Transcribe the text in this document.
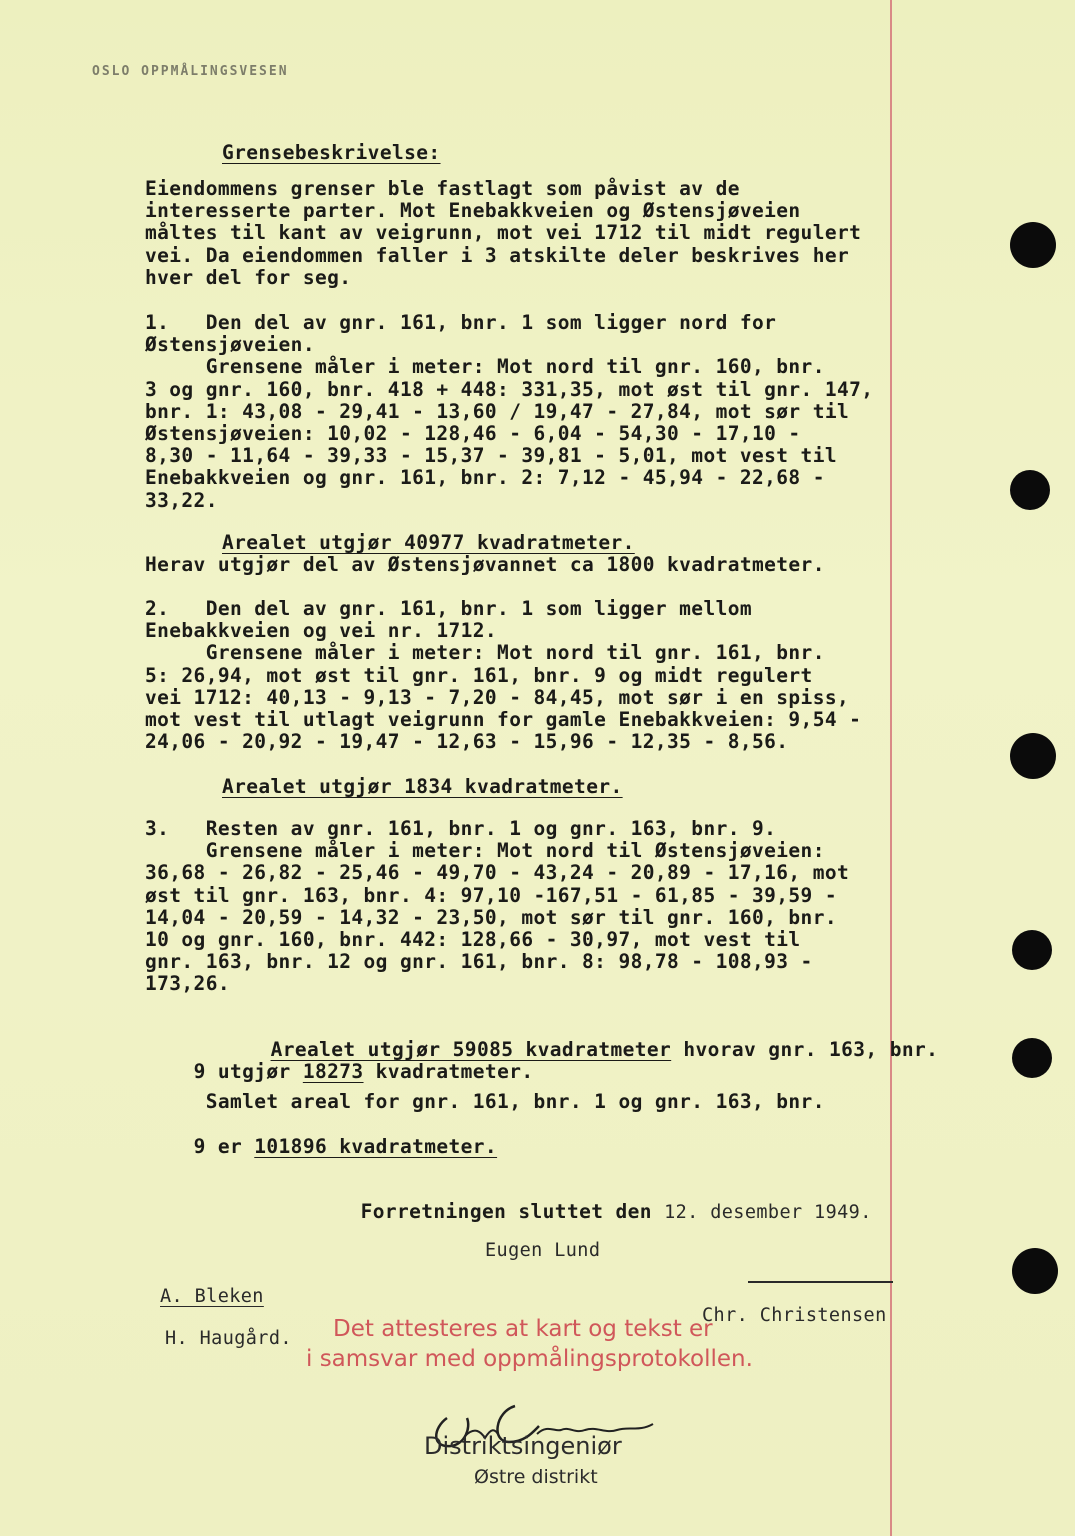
OSLO OPPMÅLINGSVESEN
Grensebeskrivelse:
Eiendommens grenser ble fastlagt som påvist av de
interesserte parter. Mot Enebakkveien og Østensjøveien
måltes til kant av veigrunn, mot vei 1712 til midt regulert
vei. Da eiendommen faller i 3 atskilte deler beskrives her
hver del for seg.
1.   Den del av gnr. 161, bnr. 1 som ligger nord for
Østensjøveien.
Grensene måler i meter: Mot nord til gnr. 160, bnr.
3 og gnr. 160, bnr. 418 + 448: 331,35, mot øst til gnr. 147,
bnr. 1: 43,08 - 29,41 - 13,60 / 19,47 - 27,84, mot sør til
Østensjøveien: 10,02 - 128,46 - 6,04 - 54,30 - 17,10 -
8,30 - 11,64 - 39,33 - 15,37 - 39,81 - 5,01, mot vest til
Enebakkveien og gnr. 161, bnr. 2: 7,12 - 45,94 - 22,68 -
33,22.
Arealet utgjør 40977 kvadratmeter.
Herav utgjør del av Østensjøvannet ca 1800 kvadratmeter.
2.   Den del av gnr. 161, bnr. 1 som ligger mellom
Enebakkveien og vei nr. 1712.
Grensene måler i meter: Mot nord til gnr. 161, bnr.
5: 26,94, mot øst til gnr. 161, bnr. 9 og midt regulert
vei 1712: 40,13 - 9,13 - 7,20 - 84,45, mot sør i en spiss,
mot vest til utlagt veigrunn for gamle Enebakkveien: 9,54 -
24,06 - 20,92 - 19,47 - 12,63 - 15,96 - 12,35 - 8,56.
Arealet utgjør 1834 kvadratmeter.
3.   Resten av gnr. 161, bnr. 1 og gnr. 163, bnr. 9.
Grensene måler i meter: Mot nord til Østensjøveien:
36,68 - 26,82 - 25,46 - 49,70 - 43,24 - 20,89 - 17,16, mot
øst til gnr. 163, bnr. 4: 97,10 -167,51 - 61,85 - 39,59 -
14,04 - 20,59 - 14,32 - 23,50, mot sør til gnr. 160, bnr.
10 og gnr. 160, bnr. 442: 128,66 - 30,97, mot vest til
gnr. 163, bnr. 12 og gnr. 161, bnr. 8: 98,78 - 108,93 -
173,26.

Arealet utgjør 59085 kvadratmeter hvorav gnr. 163, bnr.

9 utgjør 18273 kvadratmeter.

Samlet areal for gnr. 161, bnr. 1 og gnr. 163, bnr.

9 er 101896 kvadratmeter.

Forretningen sluttet den 12. desember 1949.

Eugen Lund
A. Bleken
H. Haugård.
Chr. Christensen
Det attesteres at kart og tekst er
i samsvar med oppmålingsprotokollen.
Distriktsingeniør
Østre distrikt
